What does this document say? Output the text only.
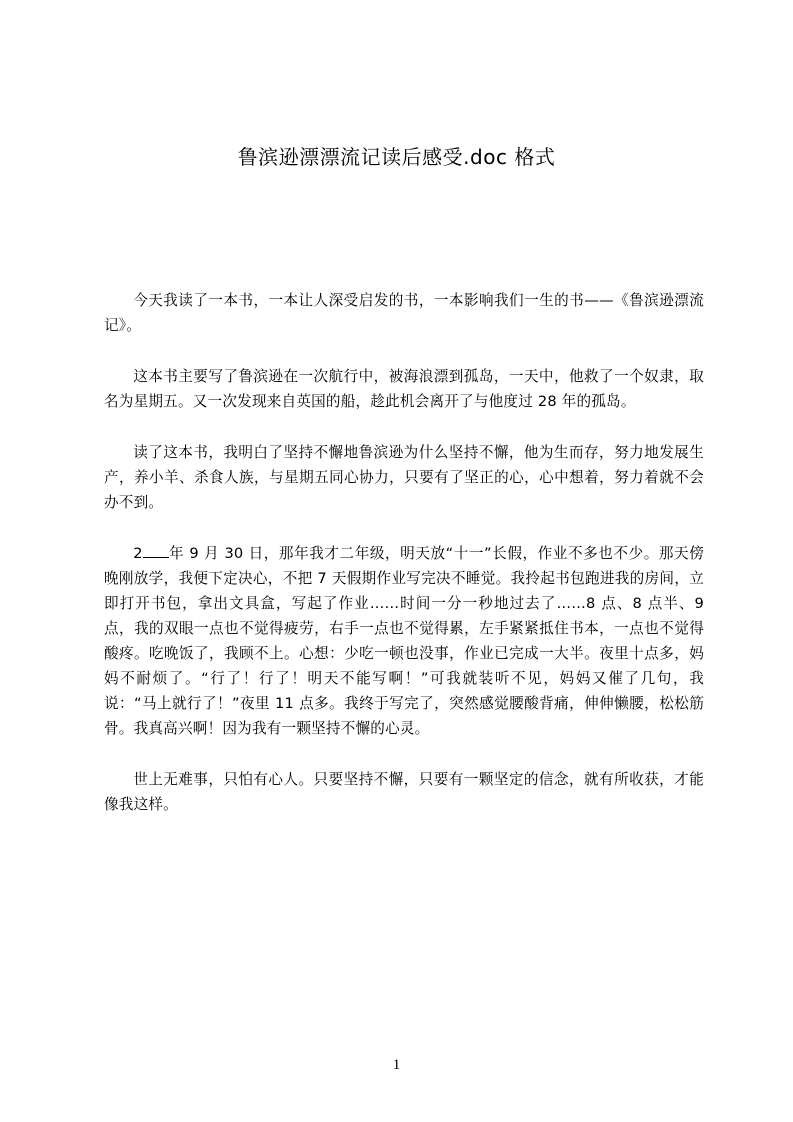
鲁滨逊漂漂流记读后感受.doc 格式

今天我读了一本书，一本让人深受启发的书，一本影响我们一生的书——《鲁滨逊漂流记》。

这本书主要写了鲁滨逊在一次航行中，被海浪漂到孤岛，一天中，他救了一个奴隶，取名为星期五。又一次发现来自英国的船，趁此机会离开了与他度过 28 年的孤岛。

读了这本书，我明白了坚持不懈地鲁滨逊为什么坚持不懈，他为生而存，努力地发展生产，养小羊、杀食人族，与星期五同心协力，只要有了坚正的心，心中想着，努力着就不会办不到。

2 年 9 月 30 日，那年我才二年级，明天放“十一”长假，作业不多也不少。那天傍晚刚放学，我便下定决心，不把 7 天假期作业写完决不睡觉。我拎起书包跑进我的房间，立即打开书包，拿出文具盒，写起了作业……时间一分一秒地过去了……8 点、8 点半、9 点，我的双眼一点也不觉得疲劳，右手一点也不觉得累，左手紧紧抵住书本，一点也不觉得酸疼。吃晚饭了，我顾不上。心想：少吃一顿也没事，作业已完成一大半。夜里十点多，妈妈不耐烦了。“行了！行了！明天不能写啊！”可我就装听不见，妈妈又催了几句，我说：“马上就行了！”夜里 11 点多。我终于写完了，突然感觉腰酸背痛，伸伸懒腰，松松筋骨。我真高兴啊！因为我有一颗坚持不懈的心灵。

世上无难事，只怕有心人。只要坚持不懈，只要有一颗坚定的信念，就有所收获，才能像我这样。

1
